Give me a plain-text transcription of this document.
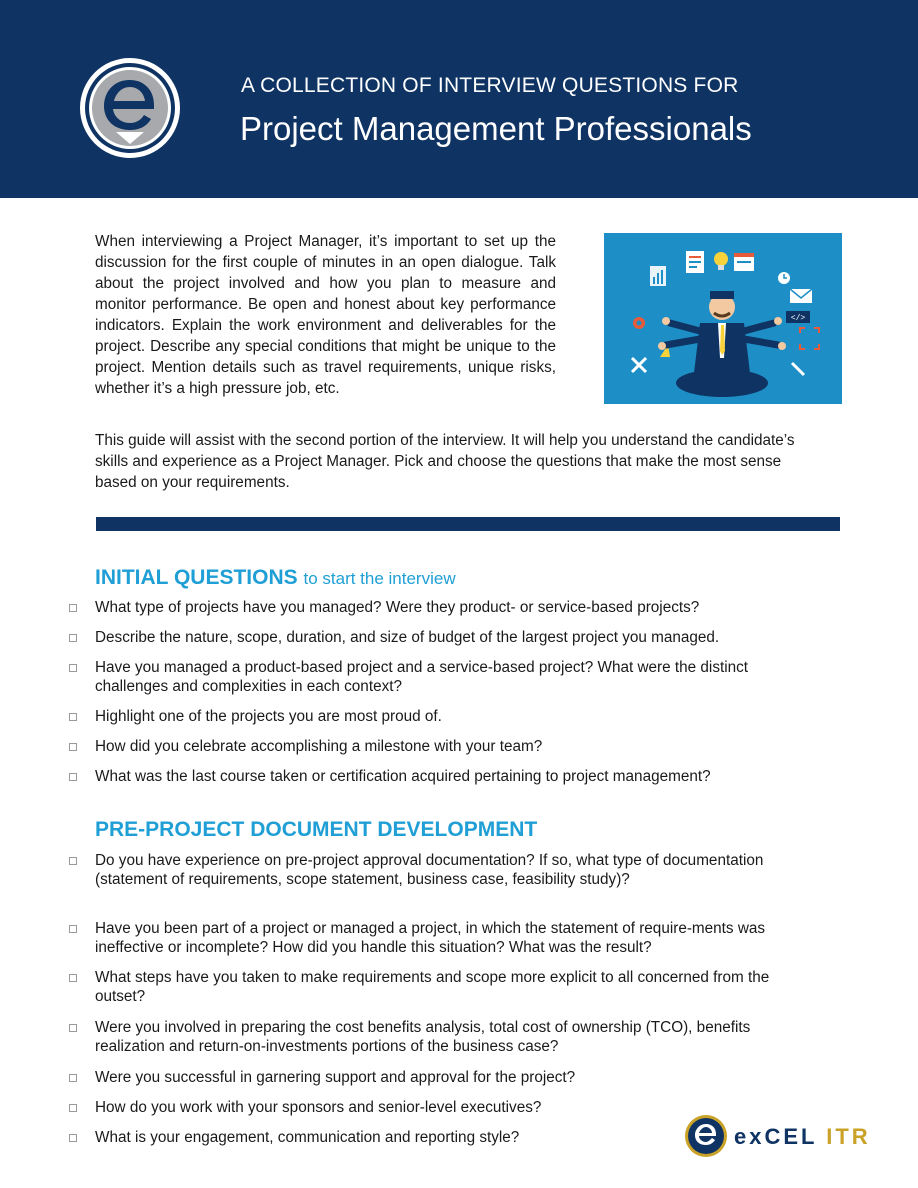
A COLLECTION OF INTERVIEW QUESTIONS FOR
Project Management Professionals

When interviewing a Project Manager, it’s important to set up the discussion for the first couple of minutes in an open dialogue. Talk about the project involved and how you plan to measure and monitor performance. Be open and honest about key performance indicators. Explain the work environment and deliverables for the project. Describe any special conditions that might be unique to the project. Mention details such as travel requirements, unique risks, whether it’s a high pressure job, etc.

</>

This guide will assist with the second portion of the interview. It will help you understand the candidate’s skills and experience as a Project Manager. Pick and choose the questions that make the most sense based on your requirements.

INITIAL QUESTIONS to start the interview
What type of projects have you managed? Were they product- or service-based projects?
Describe the nature, scope, duration, and size of budget of the largest project you managed.
Have you managed a product-based project and a service-based project? What were the distinct challenges and complexities in each context?
Highlight one of the projects you are most proud of.
How did you celebrate accomplishing a milestone with your team?
What was the last course taken or certification acquired pertaining to project management?
PRE-PROJECT DOCUMENT DEVELOPMENT
Do you have experience on pre-project approval documentation? If so, what type of documentation (statement of requirements, scope statement, business case, feasibility study)?
Have you been part of a project or managed a project, in which the statement of require-ments was ineffective or incomplete? How did you handle this situation? What was the result?
What steps have you taken to make requirements and scope more explicit to all concerned from the outset?
Were you involved in preparing the cost benefits analysis, total cost of ownership (TCO), benefits realization and return-on-investments portions of the business case?
Were you successful in garnering support and approval for the project?
How do you work with your sponsors and senior-level executives?
What is your engagement, communication and reporting style?	exCEL ITR
